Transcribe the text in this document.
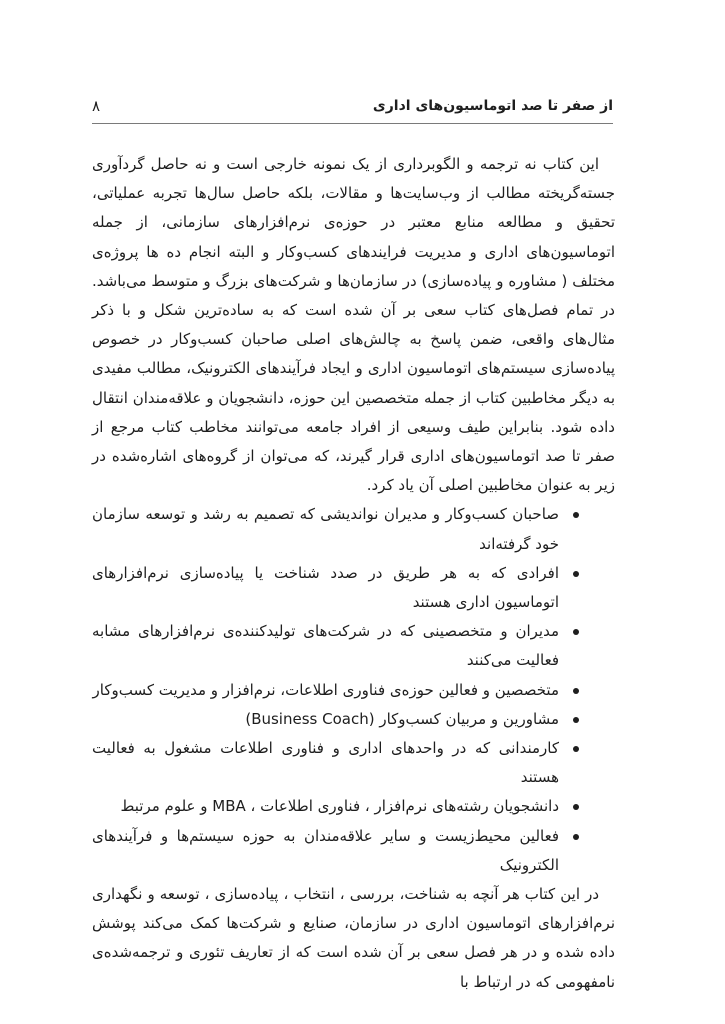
از صفر تا صد اتوماسیون‌های اداری
۸

این کتاب نه ترجمه و الگوبرداری از یک نمونه خارجی است و نه حاصل گردآوری جسته‌گریخته مطالب از وب‌سایت‌ها و مقالات، بلکه حاصل سال‌ها تجربه عملیاتی، تحقیق و مطالعه منابع معتبر در حوزه‌ی نرم‌افزارهای سازمانی، از جمله اتوماسیون‌های اداری و مدیریت فرایندهای کسب‌وکار و البته انجام ده ها پروژه‌ی مختلف ( مشاوره و پیاده‌سازی) در سازمان‌ها و شرکت‌های بزرگ و متوسط می‌باشد. در تمام فصل‌های کتاب سعی بر آن شده است که به ساده‌ترین شکل و با ذکر مثال‌های واقعی، ضمن پاسخ به چالش‌های اصلی صاحبان کسب‌وکار در خصوص پیاده‌سازی سیستم‌های اتوماسیون اداری و ایجاد فرآیندهای الکترونیک، مطالب مفیدی به دیگر مخاطبین کتاب از جمله متخصصین این حوزه، دانشجویان و علاقه‌مندان انتقال داده شود. بنابراین طیف وسیعی از افراد جامعه می‌توانند مخاطب کتاب مرجع از صفر تا صد اتوماسیون‌های اداری قرار گیرند، که می‌توان از گروه‌های اشاره‌شده در زیر به عنوان مخاطبین اصلی آن یاد کرد.

صاحبان کسب‌وکار و مدیران نواندیشی که تصمیم به رشد و توسعه سازمان خود گرفته‌اند
افرادی که به هر طریق در صدد شناخت یا پیاده‌سازی نرم‌افزارهای اتوماسیون اداری هستند
مدیران و متخصصینی که در شرکت‌های تولیدکننده‌ی نرم‌افزارهای مشابه فعالیت می‌کنند
متخصصین و فعالین حوزه‌ی فناوری اطلاعات، نرم‌افزار و مدیریت کسب‌وکار
مشاورین و مربیان کسب‌وکار (Business Coach)
کارمندانی که در واحدهای اداری و فناوری اطلاعات مشغول به فعالیت هستند
دانشجویان رشته‌های نرم‌افزار ، فناوری اطلاعات ، MBA و علوم مرتبط
فعالین محیط‌زیست و سایر علاقه‌مندان به حوزه سیستم‌ها و فرآیندهای الکترونیک

در این کتاب هر آنچه به شناخت، بررسی ، انتخاب ، پیاده‌سازی ، توسعه و نگهداری نرم‌افزارهای اتوماسیون اداری در سازمان، صنایع و شرکت‌ها کمک می‌کند پوشش داده شده و در هر فصل سعی بر آن شده است که از تعاریف تئوری و ترجمه‌شده‌ی نامفهومی که در ارتباط با
